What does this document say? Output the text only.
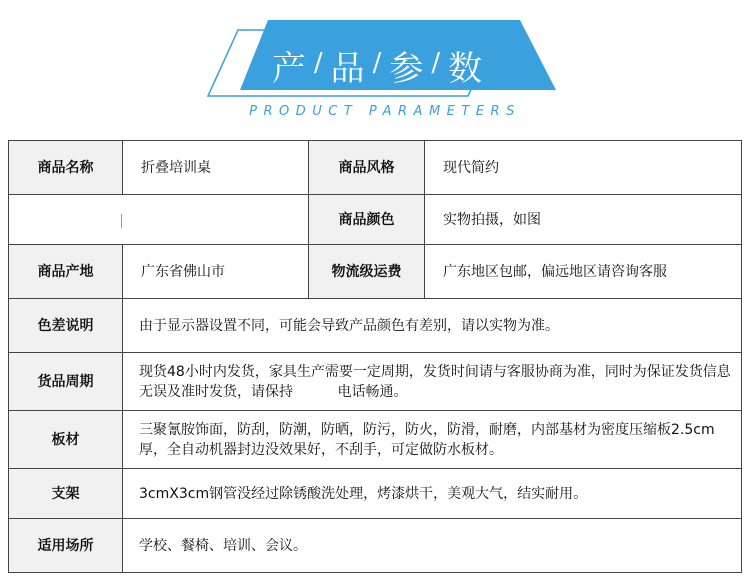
产 / 品 / 参 / 数
PRODUCT PARAMETERS
商品名称	折叠培训桌	商品风格	现代简约

		商品颜色	实物拍摄，如图
商品产地	广东省佛山市	物流级运费	广东地区包邮，偏远地区请咨询客服
色差说明	由于显示器设置不同，可能会导致产品颜色有差别，请以实物为准。		
货品周期	现货48小时内发货，家具生产需要一定周期，发货时间请与客服协商为准，同时为保证发货信息无误及准时发货，请保持          电话畅通。		
板材	三聚氰胺饰面，防刮，防潮，防晒，防污，防火，防滑，耐磨，内部基材为密度压缩板2.5cm厚，全自动机器封边没效果好，不刮手，可定做防水板材。		
支架	3cmX3cm钢管没经过除锈酸洗处理，烤漆烘干，美观大气，结实耐用。		
适用场所	学校、餐椅、培训、会议。		
